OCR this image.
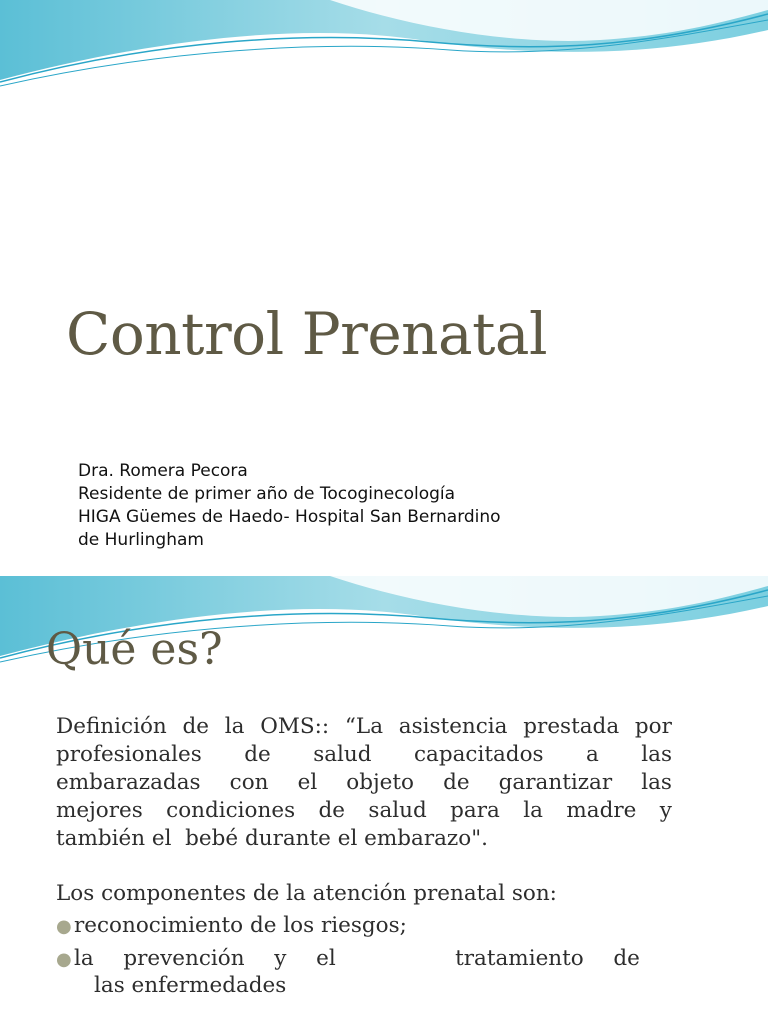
Control Prenatal
Dra. Romera Pecora
Residente de primer año de Tocoginecología
HIGA Güemes de Haedo- Hospital San Bernardino
de Hurlingham
Qué es?
Definición de la OMS:: “La asistencia prestada por
profesionales de salud capacitados a las
embarazadas con el objeto de garantizar las
mejores condiciones de salud para la madre y
también el  bebé durante el embarazo".
Los componentes de la atención prenatal son:
● reconocimiento de los riesgos;
● la prevención y el	tratamiento de
las enfermedades
